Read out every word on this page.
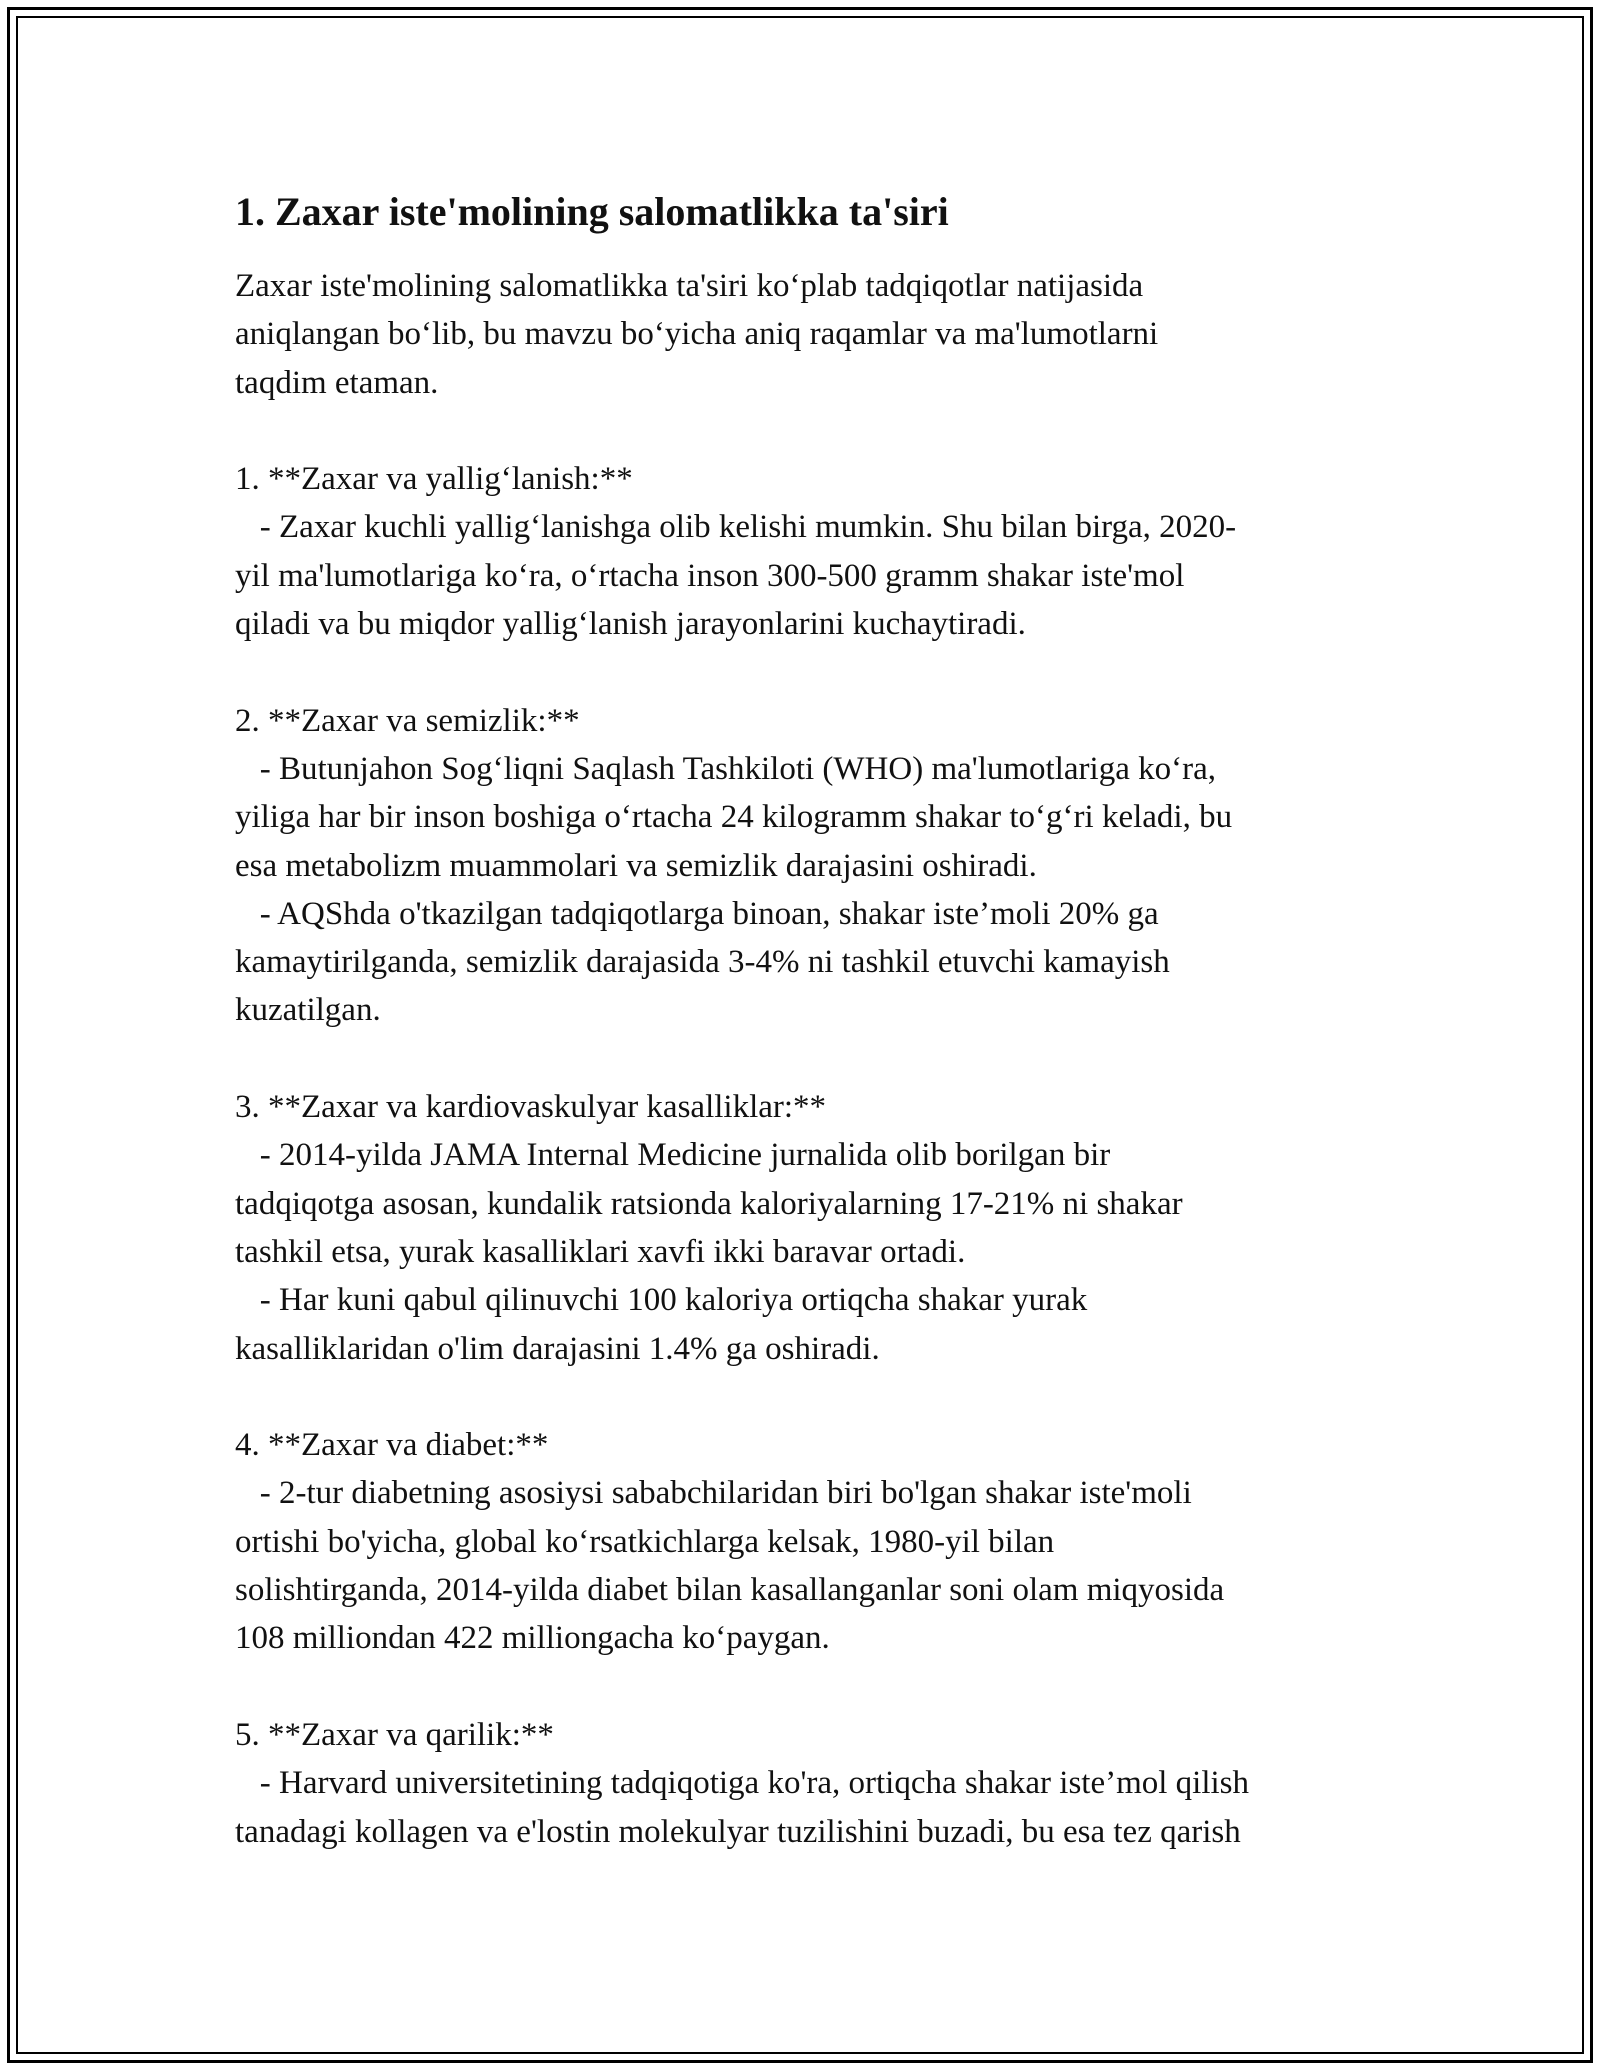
1. Zaxar iste'molining salomatlikka ta'siri

Zaxar iste'molining salomatlikka ta'siri koʻplab tadqiqotlar natijasida

aniqlangan boʻlib, bu mavzu boʻyicha aniq raqamlar va ma'lumotlarni

taqdim etaman.

1. **Zaxar va yalligʻlanish:**

- Zaxar kuchli yalligʻlanishga olib kelishi mumkin. Shu bilan birga, 2020-

yil ma'lumotlariga koʻra, oʻrtacha inson 300-500 gramm shakar iste'mol

qiladi va bu miqdor yalligʻlanish jarayonlarini kuchaytiradi.

2. **Zaxar va semizlik:**

- Butunjahon Sogʻliqni Saqlash Tashkiloti (WHO) ma'lumotlariga koʻra,

yiliga har bir inson boshiga oʻrtacha 24 kilogramm shakar toʻgʻri keladi, bu

esa metabolizm muammolari va semizlik darajasini oshiradi.

- AQShda o'tkazilgan tadqiqotlarga binoan, shakar iste’moli 20% ga

kamaytirilganda, semizlik darajasida 3-4% ni tashkil etuvchi kamayish

kuzatilgan.

3. **Zaxar va kardiovaskulyar kasalliklar:**

- 2014-yilda JAMA Internal Medicine jurnalida olib borilgan bir

tadqiqotga asosan, kundalik ratsionda kaloriyalarning 17-21% ni shakar

tashkil etsa, yurak kasalliklari xavfi ikki baravar ortadi.

- Har kuni qabul qilinuvchi 100 kaloriya ortiqcha shakar yurak

kasalliklaridan o'lim darajasini 1.4% ga oshiradi.

4. **Zaxar va diabet:**

- 2-tur diabetning asosiysi sababchilaridan biri bo'lgan shakar iste'moli

ortishi bo'yicha, global koʻrsatkichlarga kelsak, 1980-yil bilan

solishtirganda, 2014-yilda diabet bilan kasallanganlar soni olam miqyosida

108 milliondan 422 milliongacha koʻpaygan.

5. **Zaxar va qarilik:**

- Harvard universitetining tadqiqotiga ko'ra, ortiqcha shakar iste’mol qilish

tanadagi kollagen va e'lostin molekulyar tuzilishini buzadi, bu esa tez qarish
